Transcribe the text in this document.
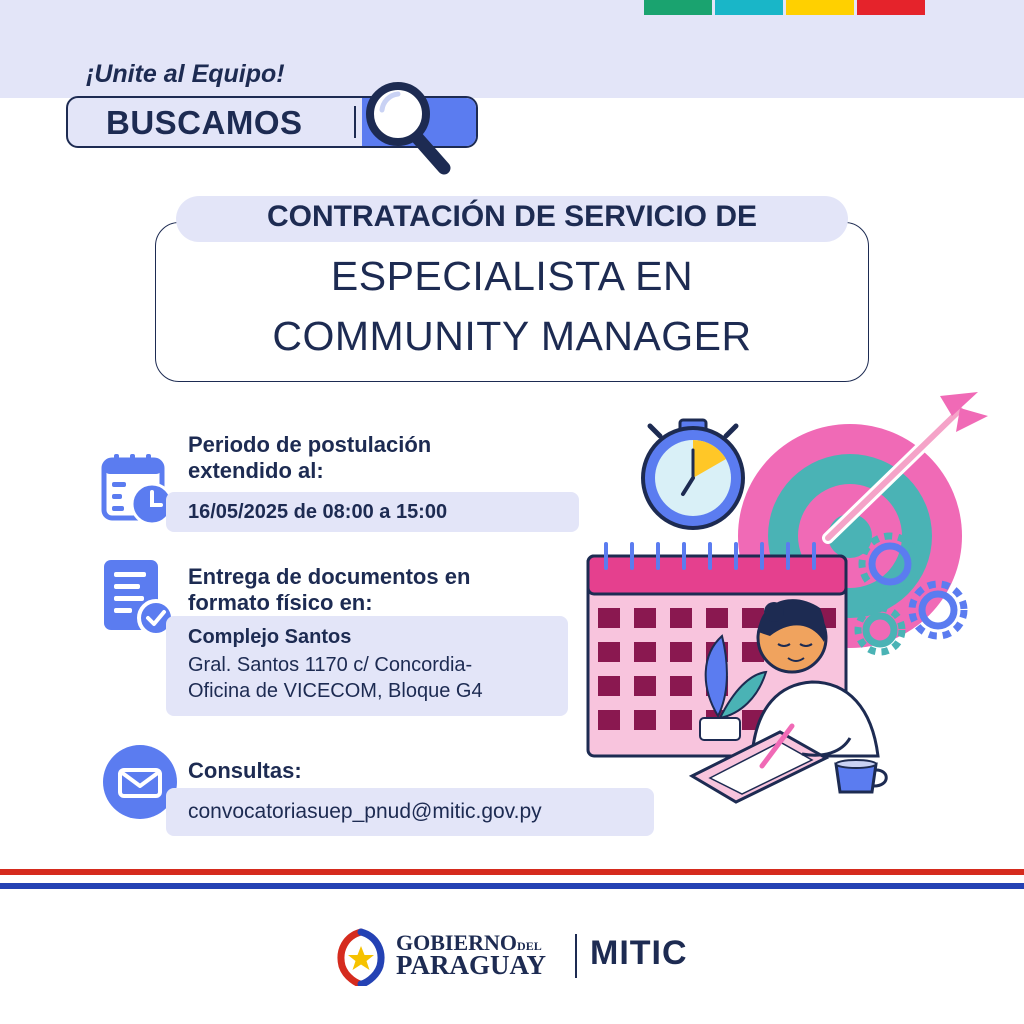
¡Unite al Equipo!
BUSCAMOS
CONTRATACIÓN DE SERVICIO DE
ESPECIALISTA EN
COMMUNITY MANAGER
Periodo de postulación
extendido al:
16/05/2025 de 08:00 a 15:00
Entrega de documentos en
formato físico en:
Complejo Santos
Gral. Santos 1170 c/ Concordia-
Oficina de VICECOM, Bloque G4
Consultas:
convocatoriasuep_pnud@mitic.gov.py
GOBIERNODEL
PARAGUAY MITIC
